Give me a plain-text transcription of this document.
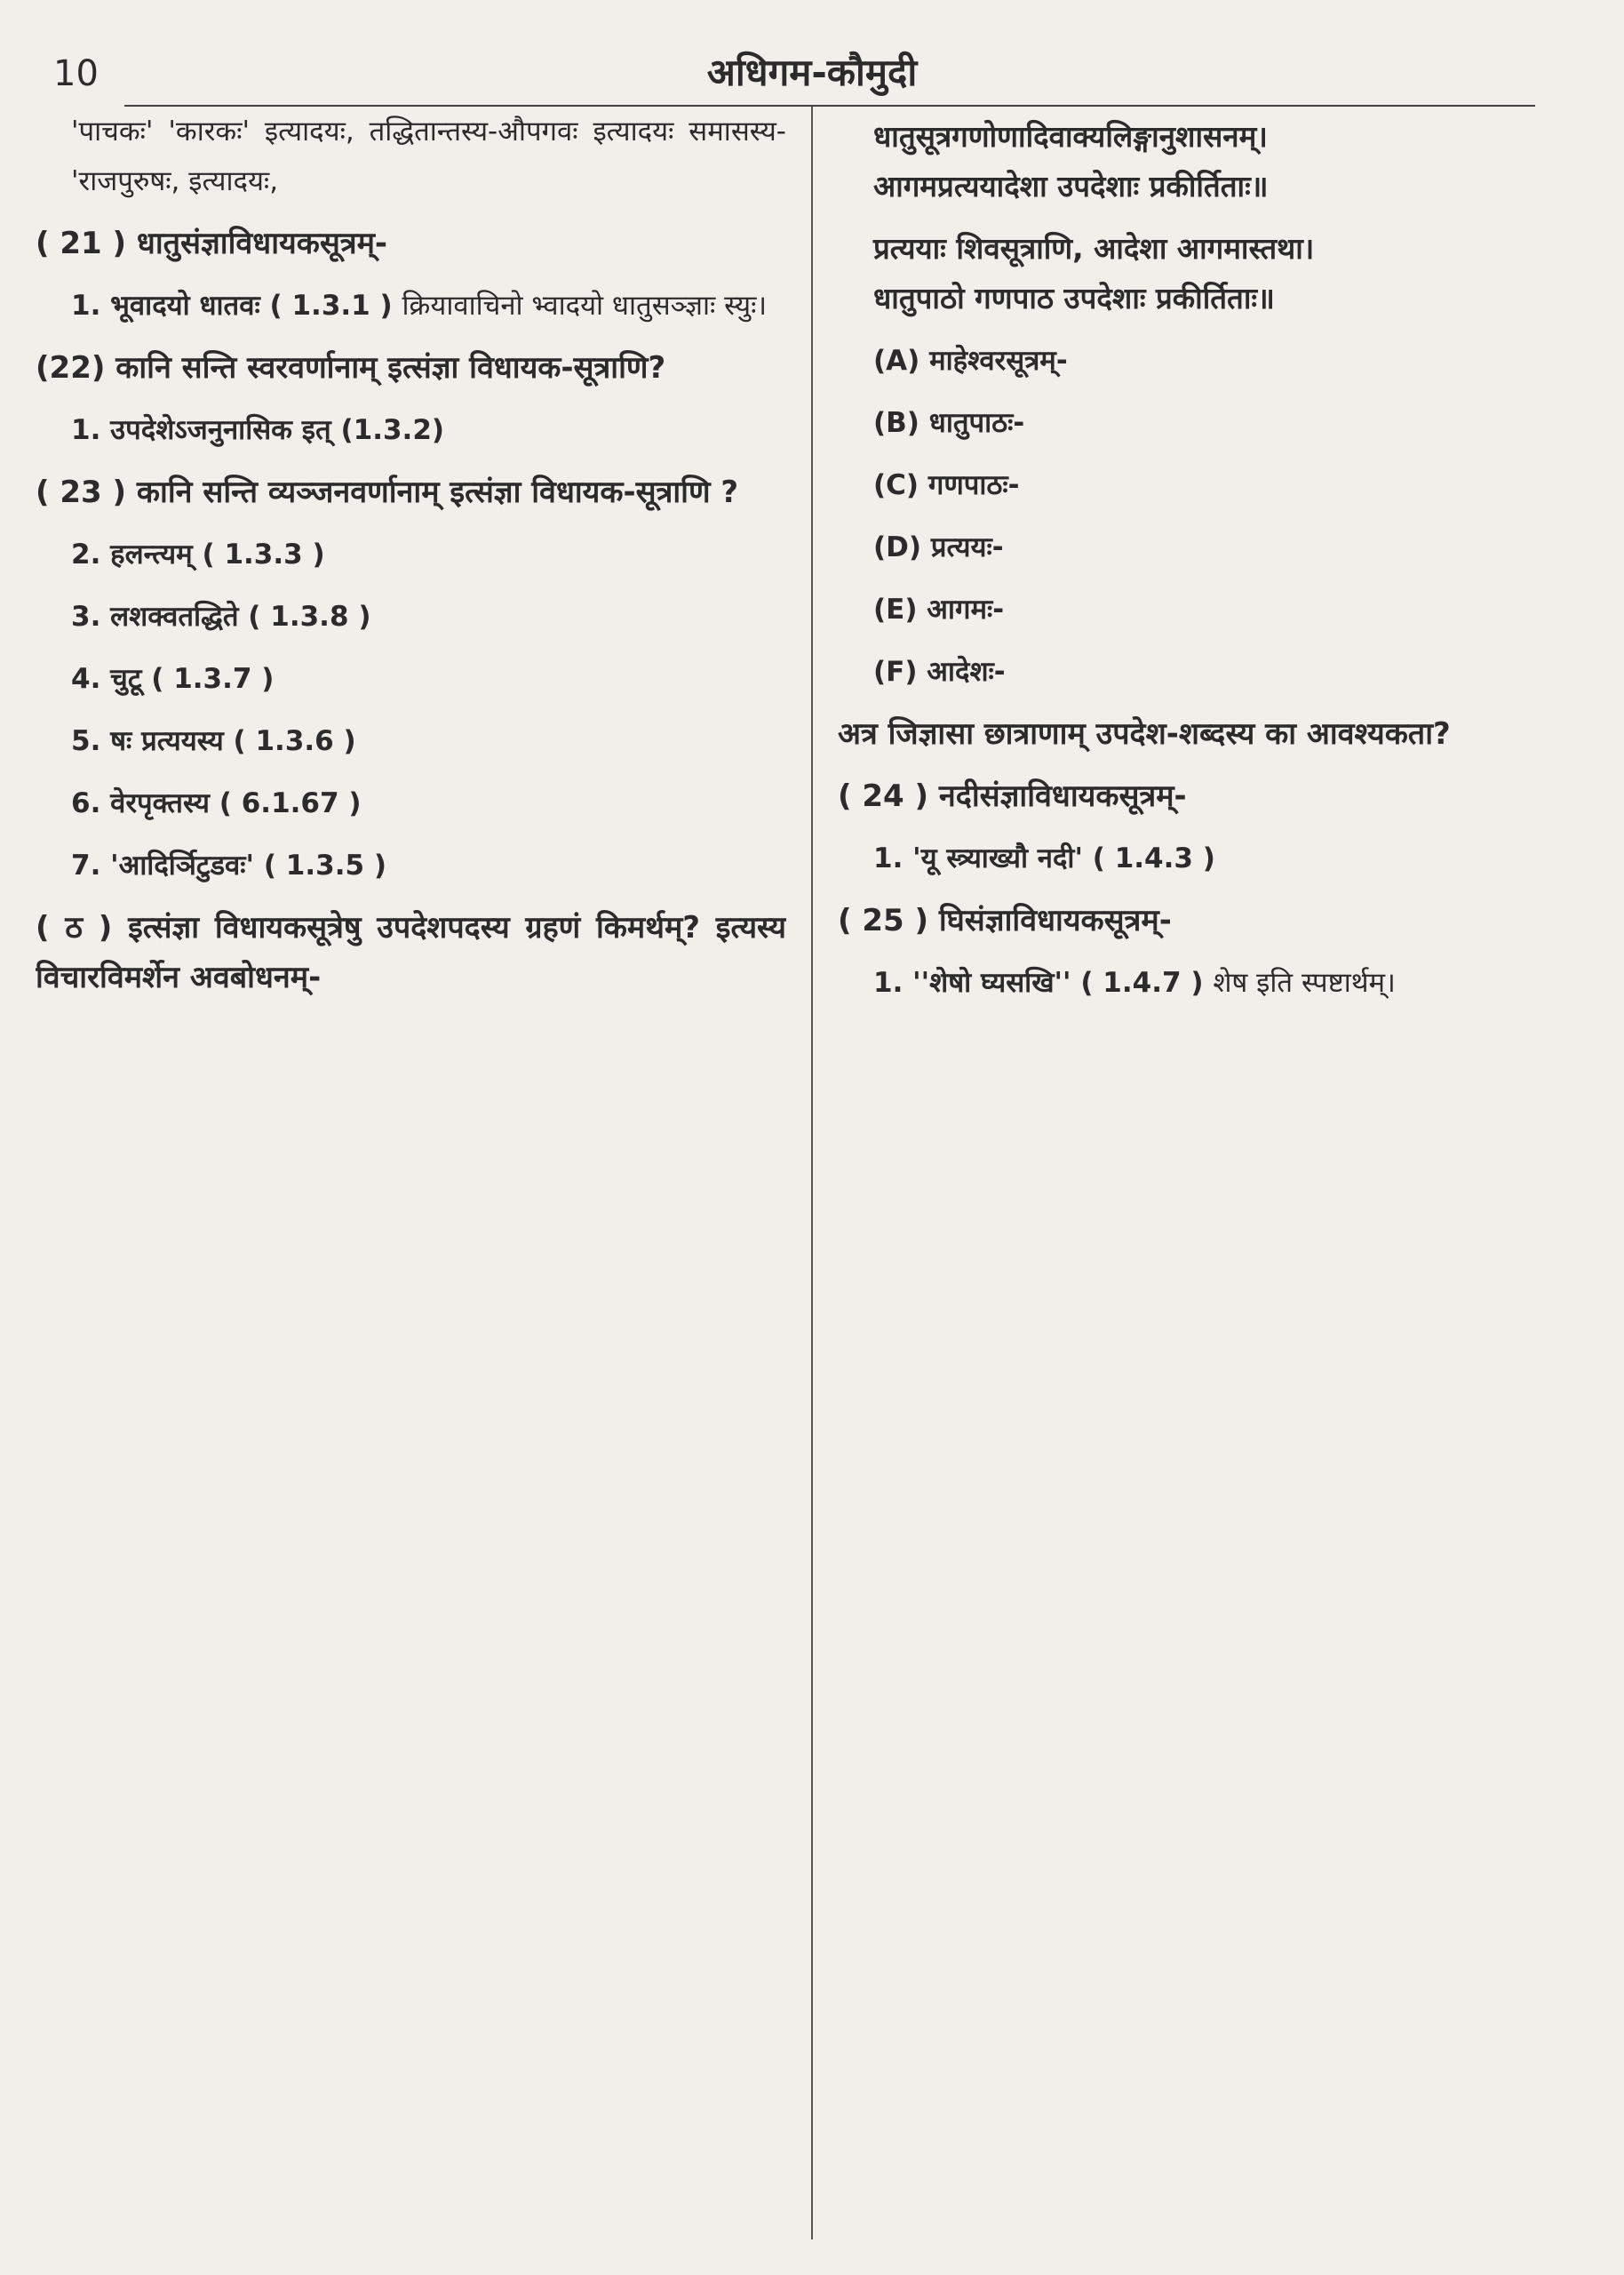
10	अधिगम-कौमुदी

'पाचकः' 'कारकः' इत्यादयः, तद्धितान्तस्य-औपगवः इत्यादयः समासस्य-'राजपुरुषः, इत्यादयः,

( 21 ) धातुसंज्ञाविधायकसूत्रम्-

1. भूवादयो धातवः ( 1.3.1 ) क्रियावाचिनो भ्वादयो धातुसञ्ज्ञाः स्युः।

(22) कानि सन्ति स्वरवर्णानाम् इत्संज्ञा विधायक-सूत्राणि?

1. उपदेशेऽजनुनासिक इत् (1.3.2)

( 23 ) कानि सन्ति व्यञ्जनवर्णानाम् इत्संज्ञा विधायक-सूत्राणि ?

2. हलन्त्यम् ( 1.3.3 )

3. लशक्वतद्धिते ( 1.3.8 )

4. चुटू ( 1.3.7 )

5. षः प्रत्ययस्य ( 1.3.6 )

6. वेरपृक्तस्य ( 6.1.67 )

7. 'आदिर्ञिटुडवः' ( 1.3.5 )

( ठ ) इत्संज्ञा विधायकसूत्रेषु उपदेशपदस्य ग्रहणं किमर्थम्? इत्यस्य विचारविमर्शेन अवबोधनम्-

धातुसूत्रगणोणादिवाक्यलिङ्गानुशासनम्।
आगमप्रत्ययादेशा उपदेशाः प्रकीर्तिताः॥
प्रत्ययाः शिवसूत्राणि, आदेशा आगमास्तथा।
धातुपाठो गणपाठ उपदेशाः प्रकीर्तिताः॥

(A) माहेश्वरसूत्रम्-

(B) धातुपाठः-

(C) गणपाठः-

(D) प्रत्ययः-

(E) आगमः-

(F) आदेशः-

अत्र जिज्ञासा छात्राणाम् उपदेश-शब्दस्य का आवश्यकता?

( 24 ) नदीसंज्ञाविधायकसूत्रम्-

1. 'यू स्त्र्याख्यौ नदी' ( 1.4.3 )

( 25 ) घिसंज्ञाविधायकसूत्रम्-

1. ''शेषो घ्यसखि'' ( 1.4.7 ) शेष इति स्पष्टार्थम्।
